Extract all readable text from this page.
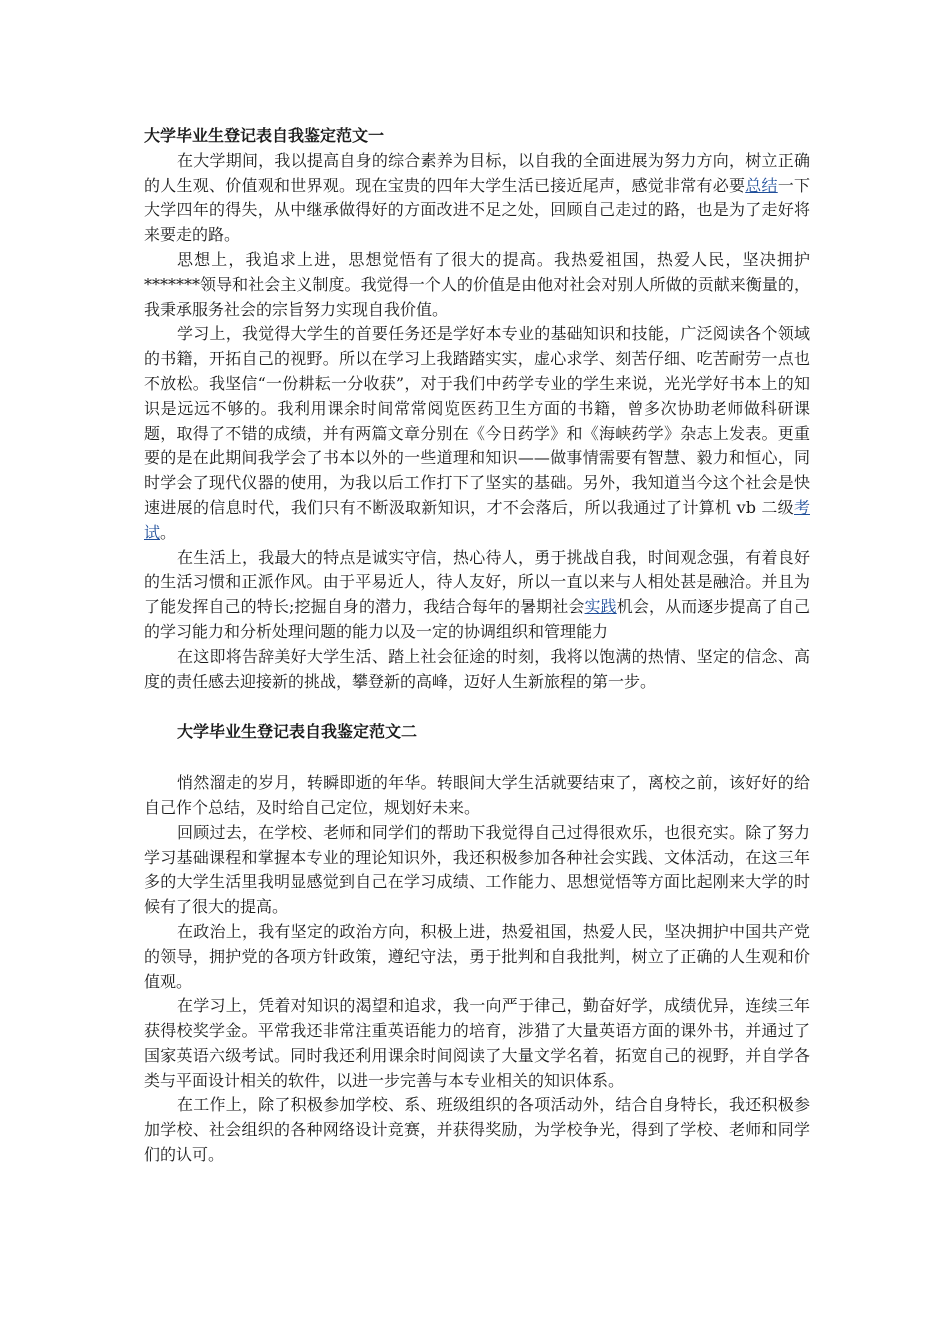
大学毕业生登记表自我鉴定范文一

在大学期间，我以提高自身的综合素养为目标，以自我的全面进展为努力方向，树立正确的人生观、价值观和世界观。现在宝贵的四年大学生活已接近尾声，感觉非常有必要总结一下大学四年的得失，从中继承做得好的方面改进不足之处，回顾自己走过的路，也是为了走好将来要走的路。

思想上，我追求上进，思想觉悟有了很大的提高。我热爱祖国，热爱人民，坚决拥护*******领导和社会主义制度。我觉得一个人的价值是由他对社会对别人所做的贡献来衡量的，我秉承服务社会的宗旨努力实现自我价值。

学习上，我觉得大学生的首要任务还是学好本专业的基础知识和技能，广泛阅读各个领域的书籍，开拓自己的视野。所以在学习上我踏踏实实，虚心求学、刻苦仔细、吃苦耐劳一点也不放松。我坚信“一份耕耘一分收获”，对于我们中药学专业的学生来说，光光学好书本上的知识是远远不够的。我利用课余时间常常阅览医药卫生方面的书籍，曾多次协助老师做科研课题，取得了不错的成绩，并有两篇文章分别在《今日药学》和《海峡药学》杂志上发表。更重要的是在此期间我学会了书本以外的一些道理和知识——做事情需要有智慧、毅力和恒心，同时学会了现代仪器的使用，为我以后工作打下了坚实的基础。另外，我知道当今这个社会是快速进展的信息时代，我们只有不断汲取新知识，才不会落后，所以我通过了计算机 vb 二级考试。

在生活上，我最大的特点是诚实守信，热心待人，勇于挑战自我，时间观念强，有着良好的生活习惯和正派作风。由于平易近人，待人友好，所以一直以来与人相处甚是融洽。并且为了能发挥自己的特长;挖掘自身的潜力，我结合每年的暑期社会实践机会，从而逐步提高了自己的学习能力和分析处理问题的能力以及一定的协调组织和管理能力

在这即将告辞美好大学生活、踏上社会征途的时刻，我将以饱满的热情、坚定的信念、高度的责任感去迎接新的挑战，攀登新的高峰，迈好人生新旅程的第一步。

大学毕业生登记表自我鉴定范文二

悄然溜走的岁月，转瞬即逝的年华。转眼间大学生活就要结束了，离校之前，该好好的给自己作个总结，及时给自己定位，规划好未来。

回顾过去，在学校、老师和同学们的帮助下我觉得自己过得很欢乐，也很充实。除了努力学习基础课程和掌握本专业的理论知识外，我还积极参加各种社会实践、文体活动，在这三年多的大学生活里我明显感觉到自己在学习成绩、工作能力、思想觉悟等方面比起刚来大学的时候有了很大的提高。

在政治上，我有坚定的政治方向，积极上进，热爱祖国，热爱人民，坚决拥护中国共产党的领导，拥护党的各项方针政策，遵纪守法，勇于批判和自我批判，树立了正确的人生观和价值观。

在学习上，凭着对知识的渴望和追求，我一向严于律己，勤奋好学，成绩优异，连续三年获得校奖学金。平常我还非常注重英语能力的培育，涉猎了大量英语方面的课外书，并通过了国家英语六级考试。同时我还利用课余时间阅读了大量文学名着，拓宽自己的视野，并自学各类与平面设计相关的软件，以进一步完善与本专业相关的知识体系。

在工作上，除了积极参加学校、系、班级组织的各项活动外，结合自身特长，我还积极参加学校、社会组织的各种网络设计竞赛，并获得奖励，为学校争光，得到了学校、老师和同学们的认可。
